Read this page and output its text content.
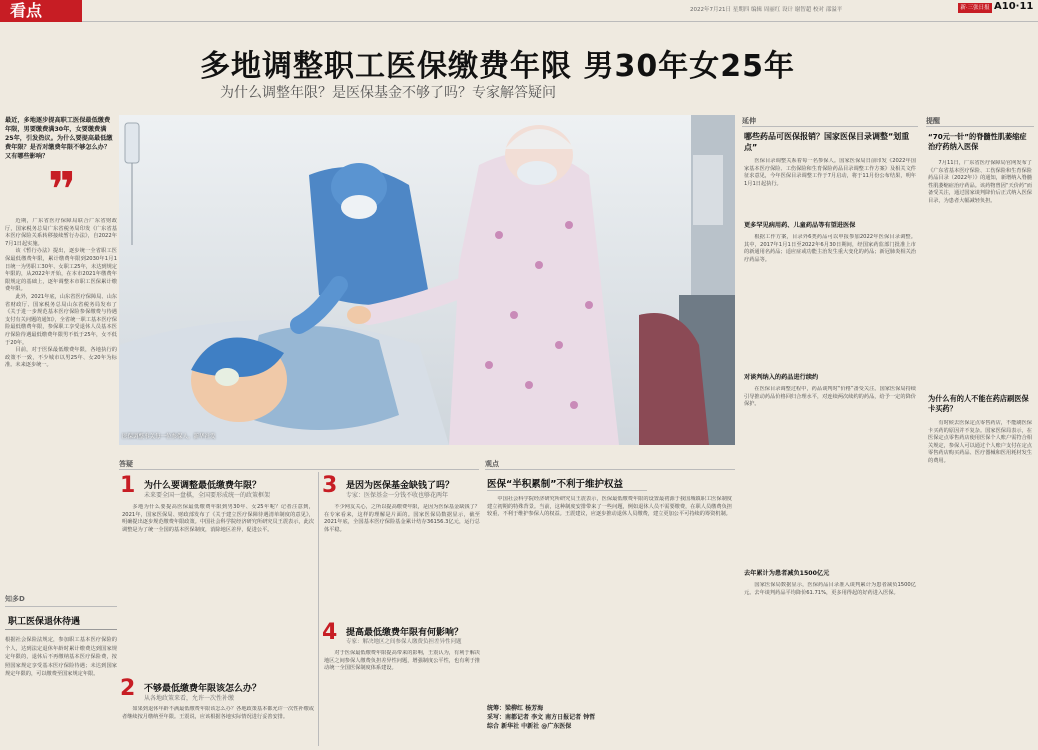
看点	2022年7月21日 星期四 编辑 周丽红 设计 谢智超 校对 邵溢平	新·三张日报 A10·11
多地调整职工医保缴费年限 男30年女25年
为什么调整年限？是医保基金不够了吗？专家解答疑问
最近，多地逐步提高职工医保最低缴费年限，男要缴费满30年，女要缴费满25年，引发热议。为什么要提高最低缴费年限？是否对缴费年限不够怎么办？又有哪些影响？
❞

近期，广东省医疗保障局联合广东省财政厅，国家税务总局广东省税务局印发《广东省基本医疗保险关系转移接续暂行办法》，自2022年7月1日起实施。

该《暂行办法》提出，逐步统一全省职工医保最低缴费年限，累计缴费年限到2030年1月1日统一为男职工30年、女职工25年，未达到规定年限的，从2022年开始，在本市2021年缴费年限规定的基础上，逐年调整本市职工医保累计缴费年限。

此外，2021年底，山东省医疗保障局、山东省财政厅、国家税务总局山东省税务局发布了《关于进一步规范基本医疗保险参保缴费与待遇支付有关问题的通知》，全省统一职工基本医疗保险最低缴费年限，参保职工享受退休人员基本医疗保险待遇最低缴费年限男不低于25年，女不低于20年。

目前，对于医保最低缴费年限，各地执行的政策不一致，不少城市以男25年、女20年为标准。未来逐步统一。

知多D
职工医保退休待遇
根据社会保险法规定，参加职工基本医疗保险的个人，达到法定退休年龄时累计缴费达到国家规定年限的，退休后不再缴纳基本医疗保险费，按照国家规定享受基本医疗保险待遇；未达到国家规定年限的，可以缴费至国家规定年限。
医保调整事关每一位参保人。新华社发
答疑
1 为什么要调整最低缴费年限？
未来要全国一盘棋，全国要形成统一的政策框架
多地为什么要提高医保最低缴费年限到男30年、女25年呢？记者注意到，2021年，国家医保局、财政部发布了《关于建立医疗保障待遇清单制度的意见》，明确提出逐步规范缴费年限政策。中国社会科学院经济研究所研究员王震表示，此次调整是为了统一全国的基本医保制度，消除地区差异，促进公平。
2 不够最低缴费年限该怎么办？
从各地政策来看，允许一次性补缴
如果到退休年龄不满最低缴费年限该怎么办？各地政策基本都允许一次性补缴或者继续按月缴纳至年限。王震说，应该根据各地实际情况进行妥善安排。
3 是因为医保基金缺钱了吗？
专家：医保基金一分钱不收也够花两年
不少网友关心，之所以提高缴费年限，是因为医保基金缺钱了？在专家看来，这样的理解是片面的。国家医保局数据显示，截至2021年底，全国基本医疗保险基金累计结存36156.3亿元，运行总体平稳。
4 提高最低缴费年限有何影响？
专家：解决地区之间参保人缴费负担差异性问题
对于医保最低缴费年限提高带来的影响，王震认为，有利于解决地区之间参保人缴费负担差异性问题，增强制度公平性，也有利于推动统一全国医保制度体系建设。
观点
医保“半积累制”不利于维护权益
中国社会科学院经济研究所研究员王震表示，医保最低缴费年限的设置最初源于我国城镇职工医保制度建立初期的特殊背景。当前，这种制度安排带来了一些问题，例如退休人员不需要缴费，在职人员缴费负担较重，不利于维护参保人的权益。王震建议，应逐步推动退休人员缴费，建立更加公平可持续的筹资机制。
统筹：梁柳红 杨芳海
采写：南都记者 李文 南方日报记者 钟哲
综合 新华社 中新社 @广东医保
延伸
哪些药品可医保报销？国家医保目录调整“划重点”
医保目录调整关系着每一名参保人。国家医保局日前印发《2022年国家基本医疗保险、工伤保险和生育保险药品目录调整工作方案》及相关文件征求意见，今年医保目录调整工作于7月启动，将于11月份公布结果，明年1月1日起执行。
更多罕见病用药、儿童药品等有望进医保
根据工作方案，目录外6类药品可以申报参加2022年医保目录调整。其中，2017年1月1日至2022年6月30日期间，经国家药监部门批准上市的新通用名药品；适应症或功能主治发生重大变化的药品；新冠肺炎相关治疗药品等。
对谈判纳入的药品进行续约
在医保目录调整过程中，药品谈判时“价格”备受关注。国家医保局持续引导推动药品价格回归合理水平，对连续两次续约的药品，给予一定的降价保护。
去年累计为患者减负1500亿元
国家医保局数据显示，医保药品目录准入谈判累计为患者减负1500亿元。去年谈判药品平均降价61.71%，更多用得起的好药进入医保。
提醒
“70元一针”的脊髓性肌萎缩症治疗药纳入医保
7月11日，广东省医疗保障局官网发布了《广东省基本医疗保险、工伤保险和生育保险药品目录（2022年）》的通知，新增纳入脊髓性肌萎缩症治疗药品。该药物曾因“天价药”而备受关注，通过国家谈判降价后正式纳入医保目录，为患者大幅减轻负担。
为什么有的人不能在药店刷医保卡买药？
有时候去医保定点零售药店，不能刷医保卡买药的原因并不复杂。国家医保局表示，在医保定点零售药店使用医保个人账户需符合相关规定，参保人可以通过个人账户支付在定点零售药店购买药品、医疗器械和医用耗材发生的费用。
